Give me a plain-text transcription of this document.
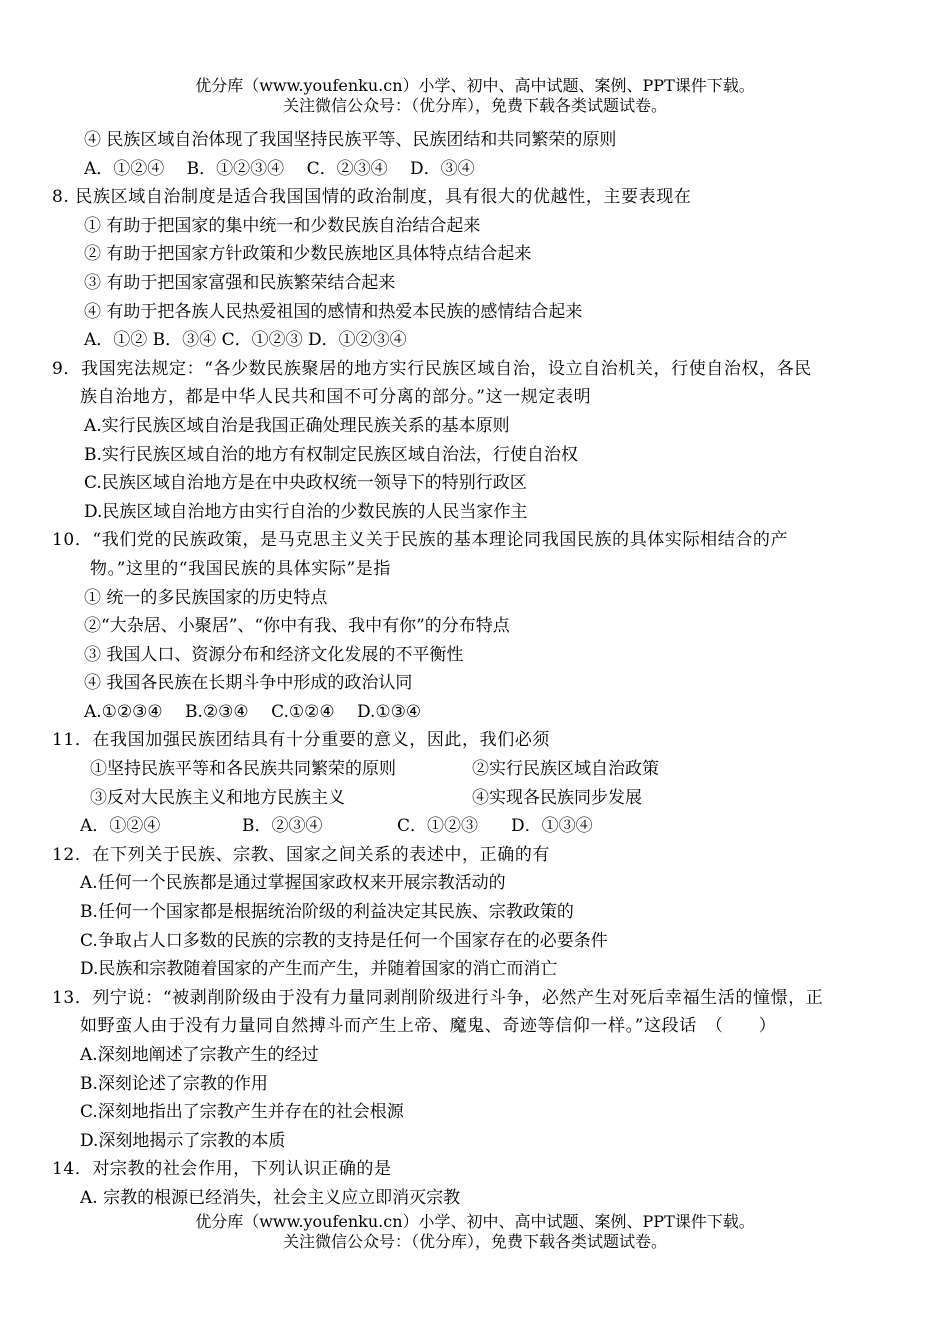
优分库（www.youfenku.cn）小学、初中、高中试题、案例、PPT课件下载。
关注微信公众号：（优分库），免费下载各类试题试卷。
④ 民族区域自治体现了我国坚持民族平等、民族团结和共同繁荣的原则
A．①②④　 B．①②③④　 C．②③④　 D．③④
8. 民族区域自治制度是适合我国国情的政治制度，具有很大的优越性，主要表现在
① 有助于把国家的集中统一和少数民族自治结合起来
② 有助于把国家方针政策和少数民族地区具体特点结合起来
③ 有助于把国家富强和民族繁荣结合起来
④ 有助于把各族人民热爱祖国的感情和热爱本民族的感情结合起来
A．①② B．③④ C．①②③ D．①②③④
9．我国宪法规定：“各少数民族聚居的地方实行民族区域自治，设立自治机关，行使自治权，各民
族自治地方，都是中华人民共和国不可分离的部分。”这一规定表明
A.实行民族区域自治是我国正确处理民族关系的基本原则
B.实行民族区域自治的地方有权制定民族区域自治法，行使自治权
C.民族区域自治地方是在中央政权统一领导下的特别行政区
D.民族区域自治地方由实行自治的少数民族的人民当家作主
10．“我们党的民族政策，是马克思主义关于民族的基本理论同我国民族的具体实际相结合的产
物。”这里的“我国民族的具体实际”是指
① 统一的多民族国家的历史特点
②“大杂居、小聚居”、“你中有我、我中有你”的分布特点
③ 我国人口、资源分布和经济文化发展的不平衡性
④ 我国各民族在长期斗争中形成的政治认同
A.①②③④　 B.②③④　 C.①②④　 D.①③④
11．在我国加强民族团结具有十分重要的意义，因此，我们必须
①坚持民族平等和各民族共同繁荣的原则	②实行民族区域自治政策
③反对大民族主义和地方民族主义	④实现各民族同步发展
A．①②④	B．②③④	C．①②③	D．①③④
12．在下列关于民族、宗教、国家之间关系的表述中，正确的有
A.任何一个民族都是通过掌握国家政权来开展宗教活动的
B.任何一个国家都是根据统治阶级的利益决定其民族、宗教政策的
C.争取占人口多数的民族的宗教的支持是任何一个国家存在的必要条件
D.民族和宗教随着国家的产生而产生，并随着国家的消亡而消亡
13．列宁说：“被剥削阶级由于没有力量同剥削阶级进行斗争，必然产生对死后幸福生活的憧憬，正
如野蛮人由于没有力量同自然搏斗而产生上帝、魔鬼、奇迹等信仰一样。”这段话　（　　）
A.深刻地阐述了宗教产生的经过
B.深刻论述了宗教的作用
C.深刻地指出了宗教产生并存在的社会根源
D.深刻地揭示了宗教的本质
14．对宗教的社会作用，下列认识正确的是
A. 宗教的根源已经消失，社会主义应立即消灭宗教
优分库（www.youfenku.cn）小学、初中、高中试题、案例、PPT课件下载。
关注微信公众号：（优分库），免费下载各类试题试卷。
